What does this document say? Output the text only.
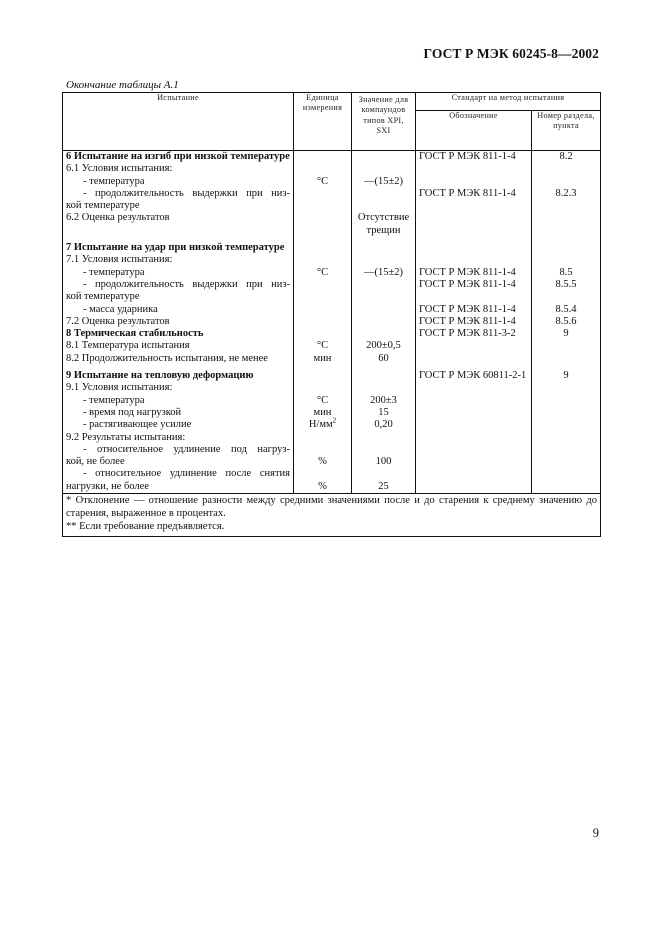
ГОСТ Р МЭК 60245-8—2002
Окончание таблицы А.1
Испытание	Единица измерения	Значение для компаундов типов XPI, SXI	Стандарт на метод испытания	
			Обозначение	Номер раздела, пункта
6 Испытание на изгиб при низкой температуре			ГОСТ Р МЭК 811-1-4	8.2
6.1 Условия испытания:				
- температура	°С	—(15±2)		
- продолжительность выдержки при низ-			ГОСТ Р МЭК 811-1-4	8.2.3
кой температуре				
6.2 Оценка результатов		Отсутствие		
		трещин		

7 Испытание на удар при низкой температуре				
7.1 Условия испытания:				
- температура	°С	—(15±2)	ГОСТ Р МЭК 811-1-4	8.5
- продолжительность выдержки при низ-			ГОСТ Р МЭК 811-1-4	8.5.5
кой температуре				
- масса ударника			ГОСТ Р МЭК 811-1-4	8.5.4
7.2 Оценка результатов			ГОСТ Р МЭК 811-1-4	8.5.6
8 Термическая стабильность			ГОСТ Р МЭК 811-3-2	9
8.1 Температура испытания	°С	200±0,5		
8.2 Продолжительность испытания, не менее	мин	60		

9 Испытание на тепловую деформацию			ГОСТ Р МЭК 60811-2-1	9
9.1 Условия испытания:				
- температура	°С	200±3		
- время под нагрузкой	мин	15		
- растягивающее усилие	$Н/мм^2$	0,20		
9.2 Результаты испытания:				
- относительное удлинение под нагруз-				
кой, не более	%	100		
- относительное удлинение после снятия				
нагрузки, не более	%	25		
* Отклонение — отношение разности между средними значениями после и до старения к среднему значению до старения, выраженное в процентах.				
** Если требование предъявляется.				
9
